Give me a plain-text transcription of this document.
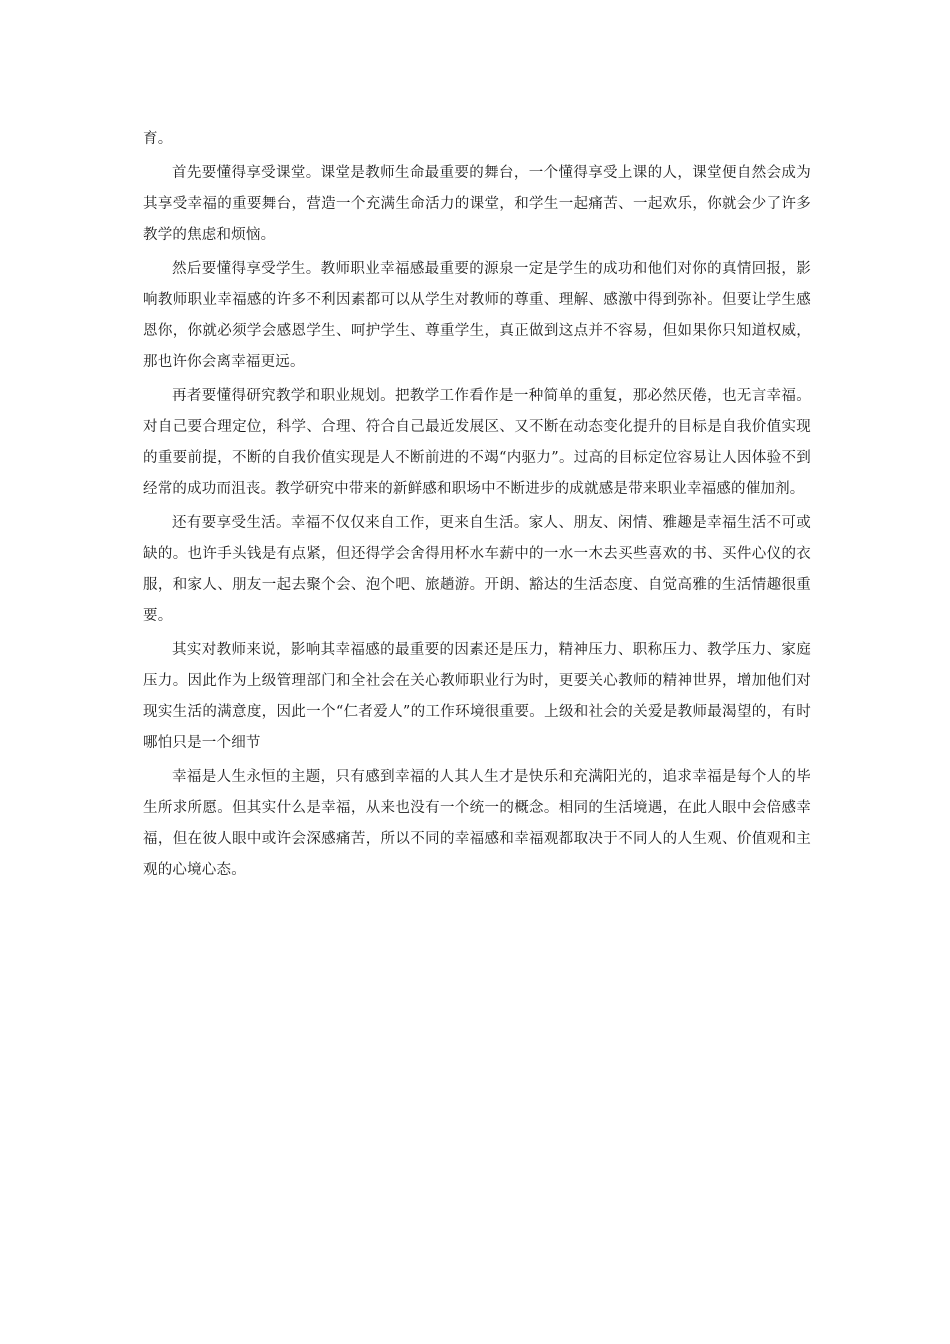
育。

首先要懂得享受课堂。课堂是教师生命最重要的舞台，一个懂得享受上课的人，课堂便自然会成为其享受幸福的重要舞台，营造一个充满生命活力的课堂，和学生一起痛苦、一起欢乐，你就会少了许多教学的焦虑和烦恼。

然后要懂得享受学生。教师职业幸福感最重要的源泉一定是学生的成功和他们对你的真情回报，影响教师职业幸福感的许多不利因素都可以从学生对教师的尊重、理解、感激中得到弥补。但要让学生感恩你，你就必须学会感恩学生、呵护学生、尊重学生，真正做到这点并不容易，但如果你只知道权威，那也许你会离幸福更远。

再者要懂得研究教学和职业规划。把教学工作看作是一种简单的重复，那必然厌倦，也无言幸福。对自己要合理定位，科学、合理、符合自己最近发展区、又不断在动态变化提升的目标是自我价值实现的重要前提，不断的自我价值实现是人不断前进的不竭“内驱力”。过高的目标定位容易让人因体验不到经常的成功而沮丧。教学研究中带来的新鲜感和职场中不断进步的成就感是带来职业幸福感的催加剂。

还有要享受生活。幸福不仅仅来自工作，更来自生活。家人、朋友、闲情、雅趣是幸福生活不可或缺的。也许手头钱是有点紧，但还得学会舍得用杯水车薪中的一水一木去买些喜欢的书、买件心仪的衣服，和家人、朋友一起去聚个会、泡个吧、旅趟游。开朗、豁达的生活态度、自觉高雅的生活情趣很重要。

其实对教师来说，影响其幸福感的最重要的因素还是压力，精神压力、职称压力、教学压力、家庭压力。因此作为上级管理部门和全社会在关心教师职业行为时，更要关心教师的精神世界，增加他们对现实生活的满意度，因此一个“仁者爱人”的工作环境很重要。上级和社会的关爱是教师最渴望的，有时哪怕只是一个细节

幸福是人生永恒的主题，只有感到幸福的人其人生才是快乐和充满阳光的，追求幸福是每个人的毕生所求所愿。但其实什么是幸福，从来也没有一个统一的概念。相同的生活境遇，在此人眼中会倍感幸福，但在彼人眼中或许会深感痛苦，所以不同的幸福感和幸福观都取决于不同人的人生观、价值观和主观的心境心态。
